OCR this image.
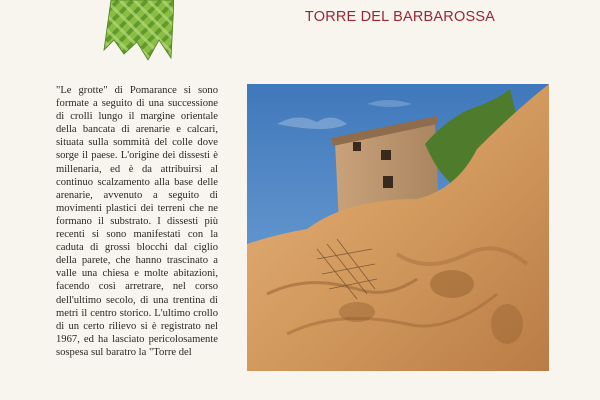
TORRE DEL BARBAROSSA

"Le grotte" di Pomarance si sono formate a seguito di una successione di crolli lungo il margine orientale della bancata di arenarie e calcari, situata sulla sommità del colle dove sorge il paese. L'origine dei dissesti è millenaria, ed è da attribuirsi al continuo scalzamento alla base delle arenarie, avvenuto a seguito di movimenti plastici dei terreni che ne formano il substrato. I dissesti più recenti si sono manifestati con la caduta di grossi blocchi dal ciglio della parete, che hanno trascinato a valle una chiesa e molte abitazioni, facendo così arretrare, nel corso dell'ultimo secolo, di una trentina di metri il centro storico. L'ultimo crollo di un certo rilievo si è registrato nel 1967, ed ha lasciato pericolosamente sospesa sul baratro la "Torre del
